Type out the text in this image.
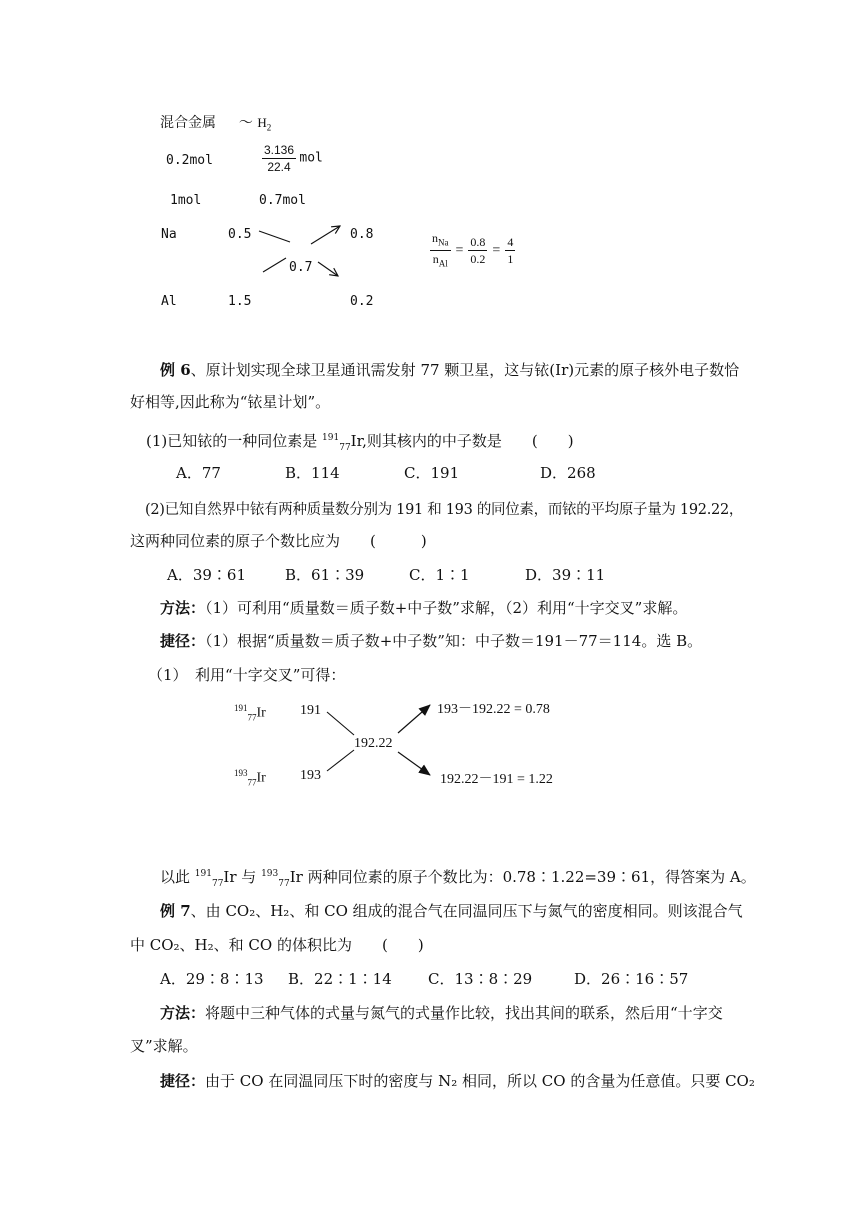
混合金属 ～ $H_2$
0.2mol	$\frac{3.136}{22.4}$ mol
1mol	0.7mol
Na	0.5	0.8
0.7
Al	1.5	0.2
$\frac{n_{Na}}{n_{Al}} = \frac{0.8}{0.2} = \frac{4}{1}$
例 6、原计划实现全球卫星通讯需发射 77 颗卫星，这与铱(Ir)元素的原子核外电子数恰
好相等,因此称为“铱星计划”。
(1)已知铱的一种同位素是 $^{191}_{77}$Ir,则其核内的中子数是　　(　　)
A．77	B．114	C．191	D．268
(2)已知自然界中铱有两种质量数分别为 191 和 193 的同位素，而铱的平均原子量为 192.22，
这两种同位素的原子个数比应为　　(　　　)
A．39∶61	B．61∶39	C．1∶1	D．39∶11
方法：（1）可利用“质量数＝质子数+中子数”求解，（2）利用“十字交叉”求解。
捷径：（1）根据“质量数＝质子数+中子数”知：中子数＝191－77＝114。选 B。
（1）　利用“十字交叉”可得：
$^{191}_{77}$Ir 191
$^{193}_{77}$Ir 193
192.22
193－192.22 = 0.78
192.22－191 = 1.22
以此 $^{191}_{77}$Ir 与 $^{193}_{77}$Ir 两种同位素的原子个数比为：0.78∶1.22=39∶61，得答案为 A。
例 7、由 CO₂、H₂、和 CO 组成的混合气在同温同压下与氮气的密度相同。则该混合气
中 CO₂、H₂、和 CO 的体积比为　　(　　)
A．29∶8∶13 B．22∶1∶14 C．13∶8∶29	D．26∶16∶57
方法：将题中三种气体的式量与氮气的式量作比较，找出其间的联系，然后用“十字交
叉”求解。
捷径：由于 CO 在同温同压下时的密度与 N₂ 相同，所以 CO 的含量为任意值。只要 CO₂
